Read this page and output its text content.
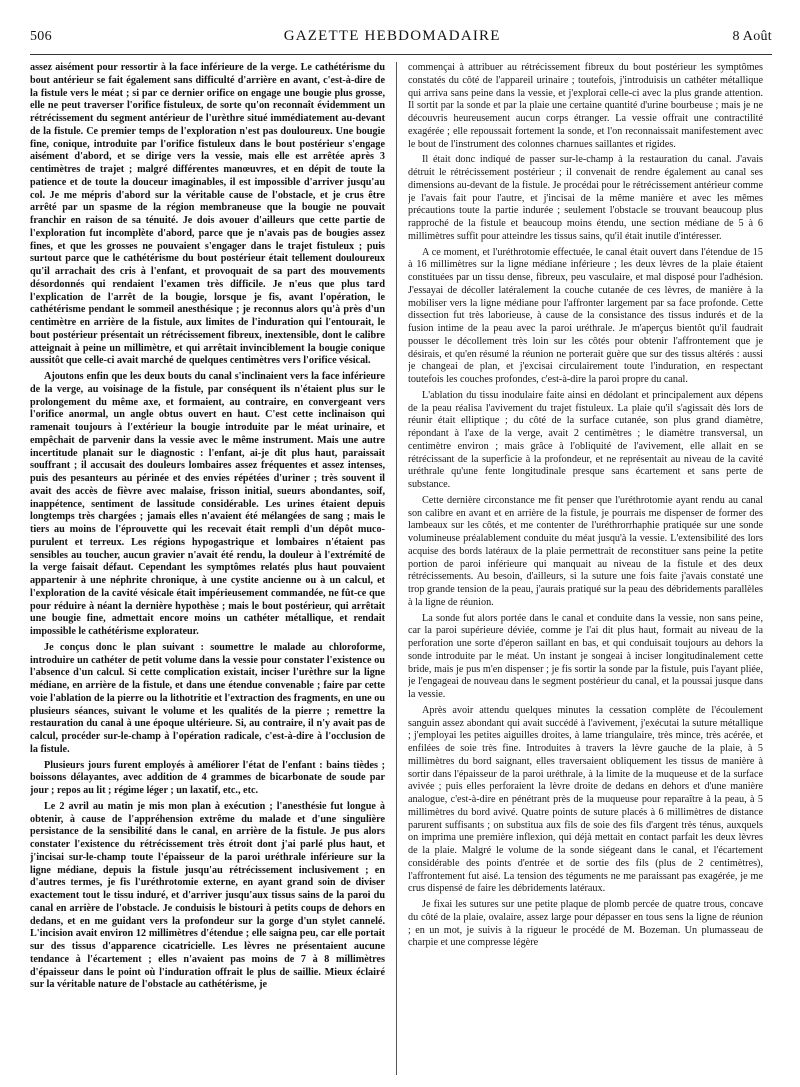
506	GAZETTE HEBDOMADAIRE	8 Août

assez aisément pour ressortir à la face inférieure de la verge. Le cathétérisme du bout antérieur se fait également sans difficulté d'arrière en avant, c'est-à-dire de la fistule vers le méat ; si par ce dernier orifice on engage une bougie plus grosse, elle ne peut traverser l'orifice fistuleux, de sorte qu'on reconnaît évidemment un rétrécissement du segment antérieur de l'urèthre situé immédiatement au-devant de la fistule. Ce premier temps de l'exploration n'est pas douloureux. Une bougie fine, conique, introduite par l'orifice fistuleux dans le bout postérieur s'engage aisément d'abord, et se dirige vers la vessie, mais elle est arrêtée après 3 centimètres de trajet ; malgré différentes manœuvres, et en dépit de toute la patience et de toute la douceur imaginables, il est impossible d'arriver jusqu'au col. Je me mépris d'abord sur la véritable cause de l'obstacle, et je crus être arrêté par un spasme de la région membraneuse que la bougie ne pouvait franchir en raison de sa ténuité. Je dois avouer d'ailleurs que cette partie de l'exploration fut incomplète d'abord, parce que je n'avais pas de bougies assez fines, et que les grosses ne pouvaient s'engager dans le trajet fistuleux ; puis surtout parce que le cathétérisme du bout postérieur était tellement douloureux qu'il arrachait des cris à l'enfant, et provoquait de sa part des mouvements désordonnés qui rendaient l'examen très difficile. Je n'eus que plus tard l'explication de l'arrêt de la bougie, lorsque je fis, avant l'opération, le cathétérisme pendant le sommeil anesthésique ; je reconnus alors qu'à près d'un centimètre en arrière de la fistule, aux limites de l'induration qui l'entourait, le bout postérieur présentait un rétrécissement fibreux, inextensible, dont le calibre atteignait à peine un millimètre, et qui arrêtait invinciblement la bougie conique aussitôt que celle-ci avait marché de quelques centimètres vers l'orifice vésical.

Ajoutons enfin que les deux bouts du canal s'inclinaient vers la face inférieure de la verge, au voisinage de la fistule, par conséquent ils n'étaient plus sur le prolongement du même axe, et formaient, au contraire, en convergeant vers l'orifice anormal, un angle obtus ouvert en haut. C'est cette inclinaison qui ramenait toujours à l'extérieur la bougie introduite par le méat urinaire, et empêchait de parvenir dans la vessie avec le même instrument. Mais une autre incertitude planait sur le diagnostic : l'enfant, ai-je dit plus haut, paraissait souffrant ; il accusait des douleurs lombaires assez fréquentes et assez intenses, puis des pesanteurs au périnée et des envies répétées d'uriner ; très souvent il avait des accès de fièvre avec malaise, frisson initial, sueurs abondantes, soif, inappétence, sentiment de lassitude considérable. Les urines étaient depuis longtemps très chargées ; jamais elles n'avaient été mélangées de sang ; mais le tiers au moins de l'éprouvette qui les recevait était rempli d'un dépôt muco-purulent et terreux. Les régions hypogastrique et lombaires n'étaient pas sensibles au toucher, aucun gravier n'avait été rendu, la douleur à l'extrémité de la verge faisait défaut. Cependant les symptômes relatés plus haut pouvaient appartenir à une néphrite chronique, à une cystite ancienne ou à un calcul, et l'exploration de la cavité vésicale était impérieusement commandée, ne fût-ce que pour réduire à néant la dernière hypothèse ; mais le bout postérieur, qui arrêtait une bougie fine, admettait encore moins un cathéter métallique, et rendait impossible le cathétérisme explorateur.

Je conçus donc le plan suivant : soumettre le malade au chloroforme, introduire un cathéter de petit volume dans la vessie pour constater l'existence ou l'absence d'un calcul. Si cette complication existait, inciser l'urèthre sur la ligne médiane, en arrière de la fistule, et dans une étendue convenable ; faire par cette voie l'ablation de la pierre ou la lithotritie et l'extraction des fragments, en une ou plusieurs séances, suivant le volume et les qualités de la pierre ; remettre la restauration du canal à une époque ultérieure. Si, au contraire, il n'y avait pas de calcul, procéder sur-le-champ à l'opération radicale, c'est-à-dire à l'occlusion de la fistule.

Plusieurs jours furent employés à améliorer l'état de l'enfant : bains tièdes ; boissons délayantes, avec addition de 4 grammes de bicarbonate de soude par jour ; repos au lit ; régime léger ; un laxatif, etc., etc.

Le 2 avril au matin je mis mon plan à exécution ; l'anesthésie fut longue à obtenir, à cause de l'appréhension extrême du malade et d'une singulière persistance de la sensibilité dans le canal, en arrière de la fistule. Je pus alors constater l'existence du rétrécissement très étroit dont j'ai parlé plus haut, et j'incisai sur-le-champ toute l'épaisseur de la paroi uréthrale inférieure sur la ligne médiane, depuis la fistule jusqu'au rétrécissement inclusivement ; en d'autres termes, je fis l'uréthrotomie externe, en ayant grand soin de diviser exactement tout le tissu induré, et d'arriver jusqu'aux tissus sains de la paroi du canal en arrière de l'obstacle. Je conduisis le bistouri à petits coups de dehors en dedans, et en me guidant vers la profondeur sur la gorge d'un stylet cannelé. L'incision avait environ 12 millimètres d'étendue ; elle saigna peu, car elle portait sur des tissus d'apparence cicatricielle. Les lèvres ne présentaient aucune tendance à l'écartement ; elles n'avaient pas moins de 7 à 8 millimètres d'épaisseur dans le point où l'induration offrait le plus de saillie. Mieux éclairé sur la véritable nature de l'obstacle au cathétérisme, je

commençai à attribuer au rétrécissement fibreux du bout postérieur les symptômes constatés du côté de l'appareil urinaire ; toutefois, j'introduisis un cathéter métallique qui arriva sans peine dans la vessie, et j'explorai celle-ci avec la plus grande attention. Il sortit par la sonde et par la plaie une certaine quantité d'urine bourbeuse ; mais je ne découvris heureusement aucun corps étranger. La vessie offrait une contractilité exagérée ; elle repoussait fortement la sonde, et l'on reconnaissait manifestement avec le bout de l'instrument des colonnes charnues saillantes et rigides.

Il était donc indiqué de passer sur-le-champ à la restauration du canal. J'avais détruit le rétrécissement postérieur ; il convenait de rendre également au canal ses dimensions au-devant de la fistule. Je procédai pour le rétrécissement antérieur comme je l'avais fait pour l'autre, et j'incisai de la même manière et avec les mêmes précautions toute la partie indurée ; seulement l'obstacle se trouvant beaucoup plus rapproché de la fistule et beaucoup moins étendu, une section médiane de 5 à 6 millimètres suffit pour atteindre les tissus sains, qu'il était inutile d'intéresser.

A ce moment, et l'uréthrotomie effectuée, le canal était ouvert dans l'étendue de 15 à 16 millimètres sur la ligne médiane inférieure ; les deux lèvres de la plaie étaient constituées par un tissu dense, fibreux, peu vasculaire, et mal disposé pour l'adhésion. J'essayai de décoller latéralement la couche cutanée de ces lèvres, de manière à la mobiliser vers la ligne médiane pour l'affronter largement par sa face profonde. Cette dissection fut très laborieuse, à cause de la consistance des tissus indurés et de la fusion intime de la peau avec la paroi uréthrale. Je m'aperçus bientôt qu'il faudrait pousser le décollement très loin sur les côtés pour obtenir l'affrontement que je désirais, et qu'en résumé la réunion ne porterait guère que sur des tissus altérés : aussi je changeai de plan, et j'excisai circulairement toute l'induration, en respectant toutefois les couches profondes, c'est-à-dire la paroi propre du canal.

L'ablation du tissu inodulaire faite ainsi en dédolant et principalement aux dépens de la peau réalisa l'avivement du trajet fistuleux. La plaie qu'il s'agissait dès lors de réunir était elliptique ; du côté de la surface cutanée, son plus grand diamètre, répondant à l'axe de la verge, avait 2 centimètres ; le diamètre transversal, un centimètre environ ; mais grâce à l'obliquité de l'avivement, elle allait en se rétrécissant de la superficie à la profondeur, et ne représentait au niveau de la cavité uréthrale qu'une fente longitudinale presque sans écartement et sans perte de substance.

Cette dernière circonstance me fit penser que l'uréthrotomie ayant rendu au canal son calibre en avant et en arrière de la fistule, je pourrais me dispenser de former des lambeaux sur les côtés, et me contenter de l'uréthrorrhaphie pratiquée sur une sonde volumineuse préalablement conduite du méat jusqu'à la vessie. L'extensibilité des lors acquise des bords latéraux de la plaie permettrait de reconstituer sans peine la petite portion de paroi inférieure qui manquait au niveau de la fistule et des deux rétrécissements. Au besoin, d'ailleurs, si la suture une fois faite j'avais constaté une trop grande tension de la peau, j'aurais pratiqué sur la peau des débridements parallèles à la ligne de réunion.

La sonde fut alors portée dans le canal et conduite dans la vessie, non sans peine, car la paroi supérieure déviée, comme je l'ai dit plus haut, formait au niveau de la perforation une sorte d'éperon saillant en bas, et qui conduisait toujours au dehors la sonde introduite par le méat. Un instant je songeai à inciser longitudinalement cette bride, mais je pus m'en dispenser ; je fis sortir la sonde par la fistule, puis l'ayant pliée, je l'engageai de nouveau dans le segment postérieur du canal, et la poussai jusque dans la vessie.

Après avoir attendu quelques minutes la cessation complète de l'écoulement sanguin assez abondant qui avait succédé à l'avivement, j'exécutai la suture métallique ; j'employai les petites aiguilles droites, à lame triangulaire, très mince, très acérée, et enfilées de soie très fine. Introduites à travers la lèvre gauche de la plaie, à 5 millimètres du bord saignant, elles traversaient obliquement les tissus de manière à sortir dans l'épaisseur de la paroi uréthrale, à la limite de la muqueuse et de la surface avivée ; puis elles perforaient la lèvre droite de dedans en dehors et d'une manière analogue, c'est-à-dire en pénétrant près de la muqueuse pour reparaître à la peau, à 5 millimètres du bord avivé. Quatre points de suture placés à 6 millimètres de distance parurent suffisants ; on substitua aux fils de soie des fils d'argent très ténus, auxquels on imprima une première inflexion, qui déjà mettait en contact parfait les deux lèvres de la plaie. Malgré le volume de la sonde siégeant dans le canal, et l'écartement considérable des points d'entrée et de sortie des fils (plus de 2 centimètres), l'affrontement fut aisé. La tension des téguments ne me paraissant pas exagérée, je me crus dispensé de faire les débridements latéraux.

Je fixai les sutures sur une petite plaque de plomb percée de quatre trous, concave du côté de la plaie, ovalaire, assez large pour dépasser en tous sens la ligne de réunion ; en un mot, je suivis à la rigueur le procédé de M. Bozeman. Un plumasseau de charpie et une compresse légère
